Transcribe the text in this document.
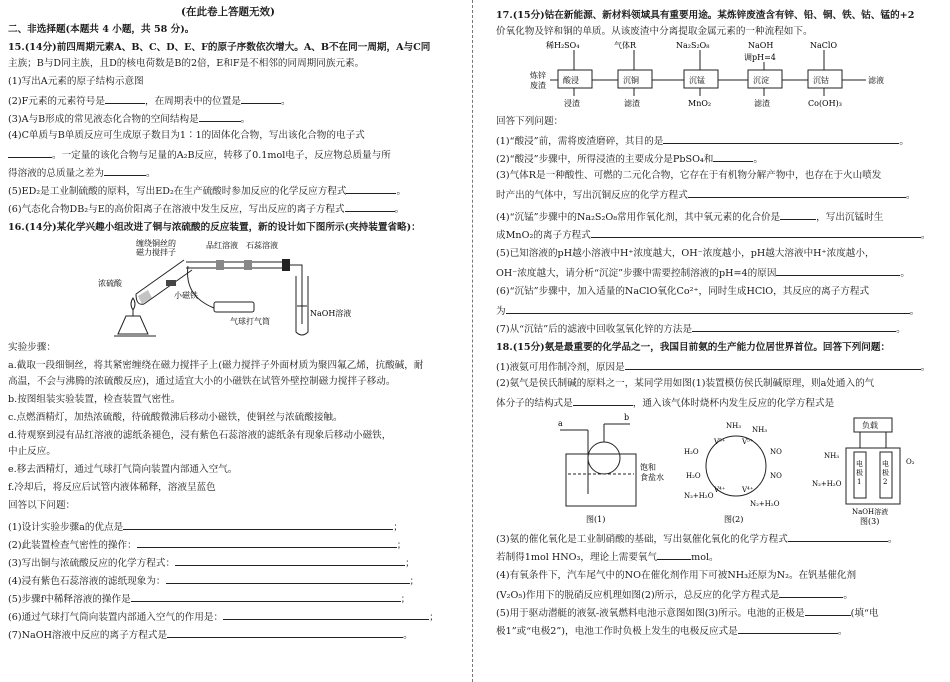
(在此卷上答题无效)
二、非选择题(本题共 4 小题，共 58 分)。
15.(14分)前四周期元素A、B、C、D、E、F的原子序数依次增大。A、B不在同一周期，A与C同
主族；B与D同主族，且D的核电荷数是B的2倍，E和F是不相邻的同周期同族元素。
(1)写出A元素的原子结构示意图
(2)F元素的元素符号是	，在周期表中的位置是	。
(3)A与B形成的常见液态化合物的空间结构是	。
(4)C单质与B单质反应可生成原子数目为1∶1的固体化合物，写出该化合物的电子式
。一定量的该化合物与足量的A₂B反应，转移了0.1mol电子，反应物总质量与所
得溶液的总质量之差为	。
(5)ED₂是工业制硫酸的原料，写出ED₂在生产硫酸时参加反应的化学反应方程式	。
(6)气态化合物DB₂与E的高价阳离子在溶液中发生反应，写出反应的离子方程式	。
16.(14分)某化学兴趣小组改进了铜与浓硫酸的反应装置，新的设计如下图所示(夹持装置省略)：
缠绕铜丝的
磁力搅拌子
品红溶液 石蕊溶液
浓硫酸
小磁铁
气球打气筒
NaOH溶液
实验步骤：
a.截取一段细铜丝，将其紧密缠绕在磁力搅拌子上(磁力搅拌子外面材质为聚四氟乙烯，抗酸碱，耐
高温，不会与沸腾的浓硫酸反应)，通过适宜大小的小磁铁在试管外壁控制磁力搅拌子移动。
b.按图组装实验装置，检查装置气密性。
c.点燃酒精灯，加热浓硫酸，待硫酸微沸后移动小磁铁，使铜丝与浓硫酸接触。
d.待观察到浸有品红溶液的滤纸条褪色，浸有紫色石蕊溶液的滤纸条有现象后移动小磁铁，
中止反应。
e.移去酒精灯，通过气球打气筒向装置内部通入空气。
f.冷却后，将反应后试管内液体稀释，溶液呈蓝色
回答以下问题：
(1)设计实验步骤a的优点是	；
(2)此装置检查气密性的操作：	；
(3)写出铜与浓硫酸反应的化学方程式：	；
(4)浸有紫色石蕊溶液的滤纸现象为：	；
(5)步骤f中稀释溶液的操作是	；
(6)通过气球打气筒向装置内部通入空气的作用是：	；
(7)NaOH溶液中反应的离子方程式是	。
17.(15分)钴在新能源、新材料领域具有重要用途。某炼锌废渣含有锌、铅、铜、铁、钴、锰的+2
价氧化物及锌和铜的单质。从该废渣中分离提取金属元素的一种流程如下。
稀H₂SO₄	气体R	Na₂S₂O₈	NaOH
调pH=4
NaClO
炼锌
废渣
酸浸	沉铜	沉锰	沉淀	沉钴	滤液
浸渣	滤渣	MnO₂	滤渣	Co(OH)₃
回答下列问题：
(1)“酸浸”前，需将废渣磨碎，其目的是	。
(2)“酸浸”步骤中，所得浸渣的主要成分是PbSO₄和	。
(3)气体R是一种酸性、可燃的二元化合物，它存在于有机物分解产物中，也存在于火山喷发
时产出的气体中，写出沉铜反应的化学方程式	。
(4)“沉锰”步骤中的Na₂S₂O₈常用作氧化剂，其中氧元素的化合价是	，写出沉锰时生
成MnO₂的离子方程式	。
(5)已知溶液的pH越小溶液中H⁺浓度越大，OH⁻浓度越小，pH越大溶液中H⁺浓度越小，
OH⁻浓度越大，请分析“沉淀”步骤中需要控制溶液的pH=4的原因	。
(6)“沉钴”步骤中，加入适量的NaClO氧化Co²⁺，同时生成HClO，其反应的离子方程式
为	。
(7)从“沉钴”后的滤液中回收氢氧化锌的方法是	。
18.(15分)氨是最重要的化学品之一，我国目前氨的生产能力位居世界首位。回答下列问题：
(1)液氨可用作制冷剂，原因是	。
(2)氨气是侯氏制碱的原料之一，某同学用如图(1)装置模仿侯氏制碱原理，则a处通入的气
体分子的结构式是	，通入该气体时烧杯内发生反应的化学方程式是
a
b
饱和
食盐水
图(1)
NH₃ NH₃
NO
H₂O
H₂O	NO
N₂+H₂O
N₂+H₂O
V⁵⁺ V⁵⁺
V⁴⁺ V⁴⁺
图(2)
负载
电
极
1
电
极
2
NH₃
N₂+H₂O
O₂
NaOH溶液
图(3)
(3)氨的催化氧化是工业制硝酸的基础，写出氨催化氧化的化学方程式	。
若制得1mol HNO₃，理论上需要氧气	mol。
(4)有氧条件下，汽车尾气中的NO在催化剂作用下可被NH₃还原为N₂。在钒基催化剂
(V₂O₅)作用下的脱硝反应机理如图(2)所示，总反应的化学方程式是	。
(5)用于驱动潜艇的液氨-液氧燃料电池示意图如图(3)所示。电池的正极是	(填“电
极1”或“电极2”)，电池工作时负极上发生的电极反应式是	。
